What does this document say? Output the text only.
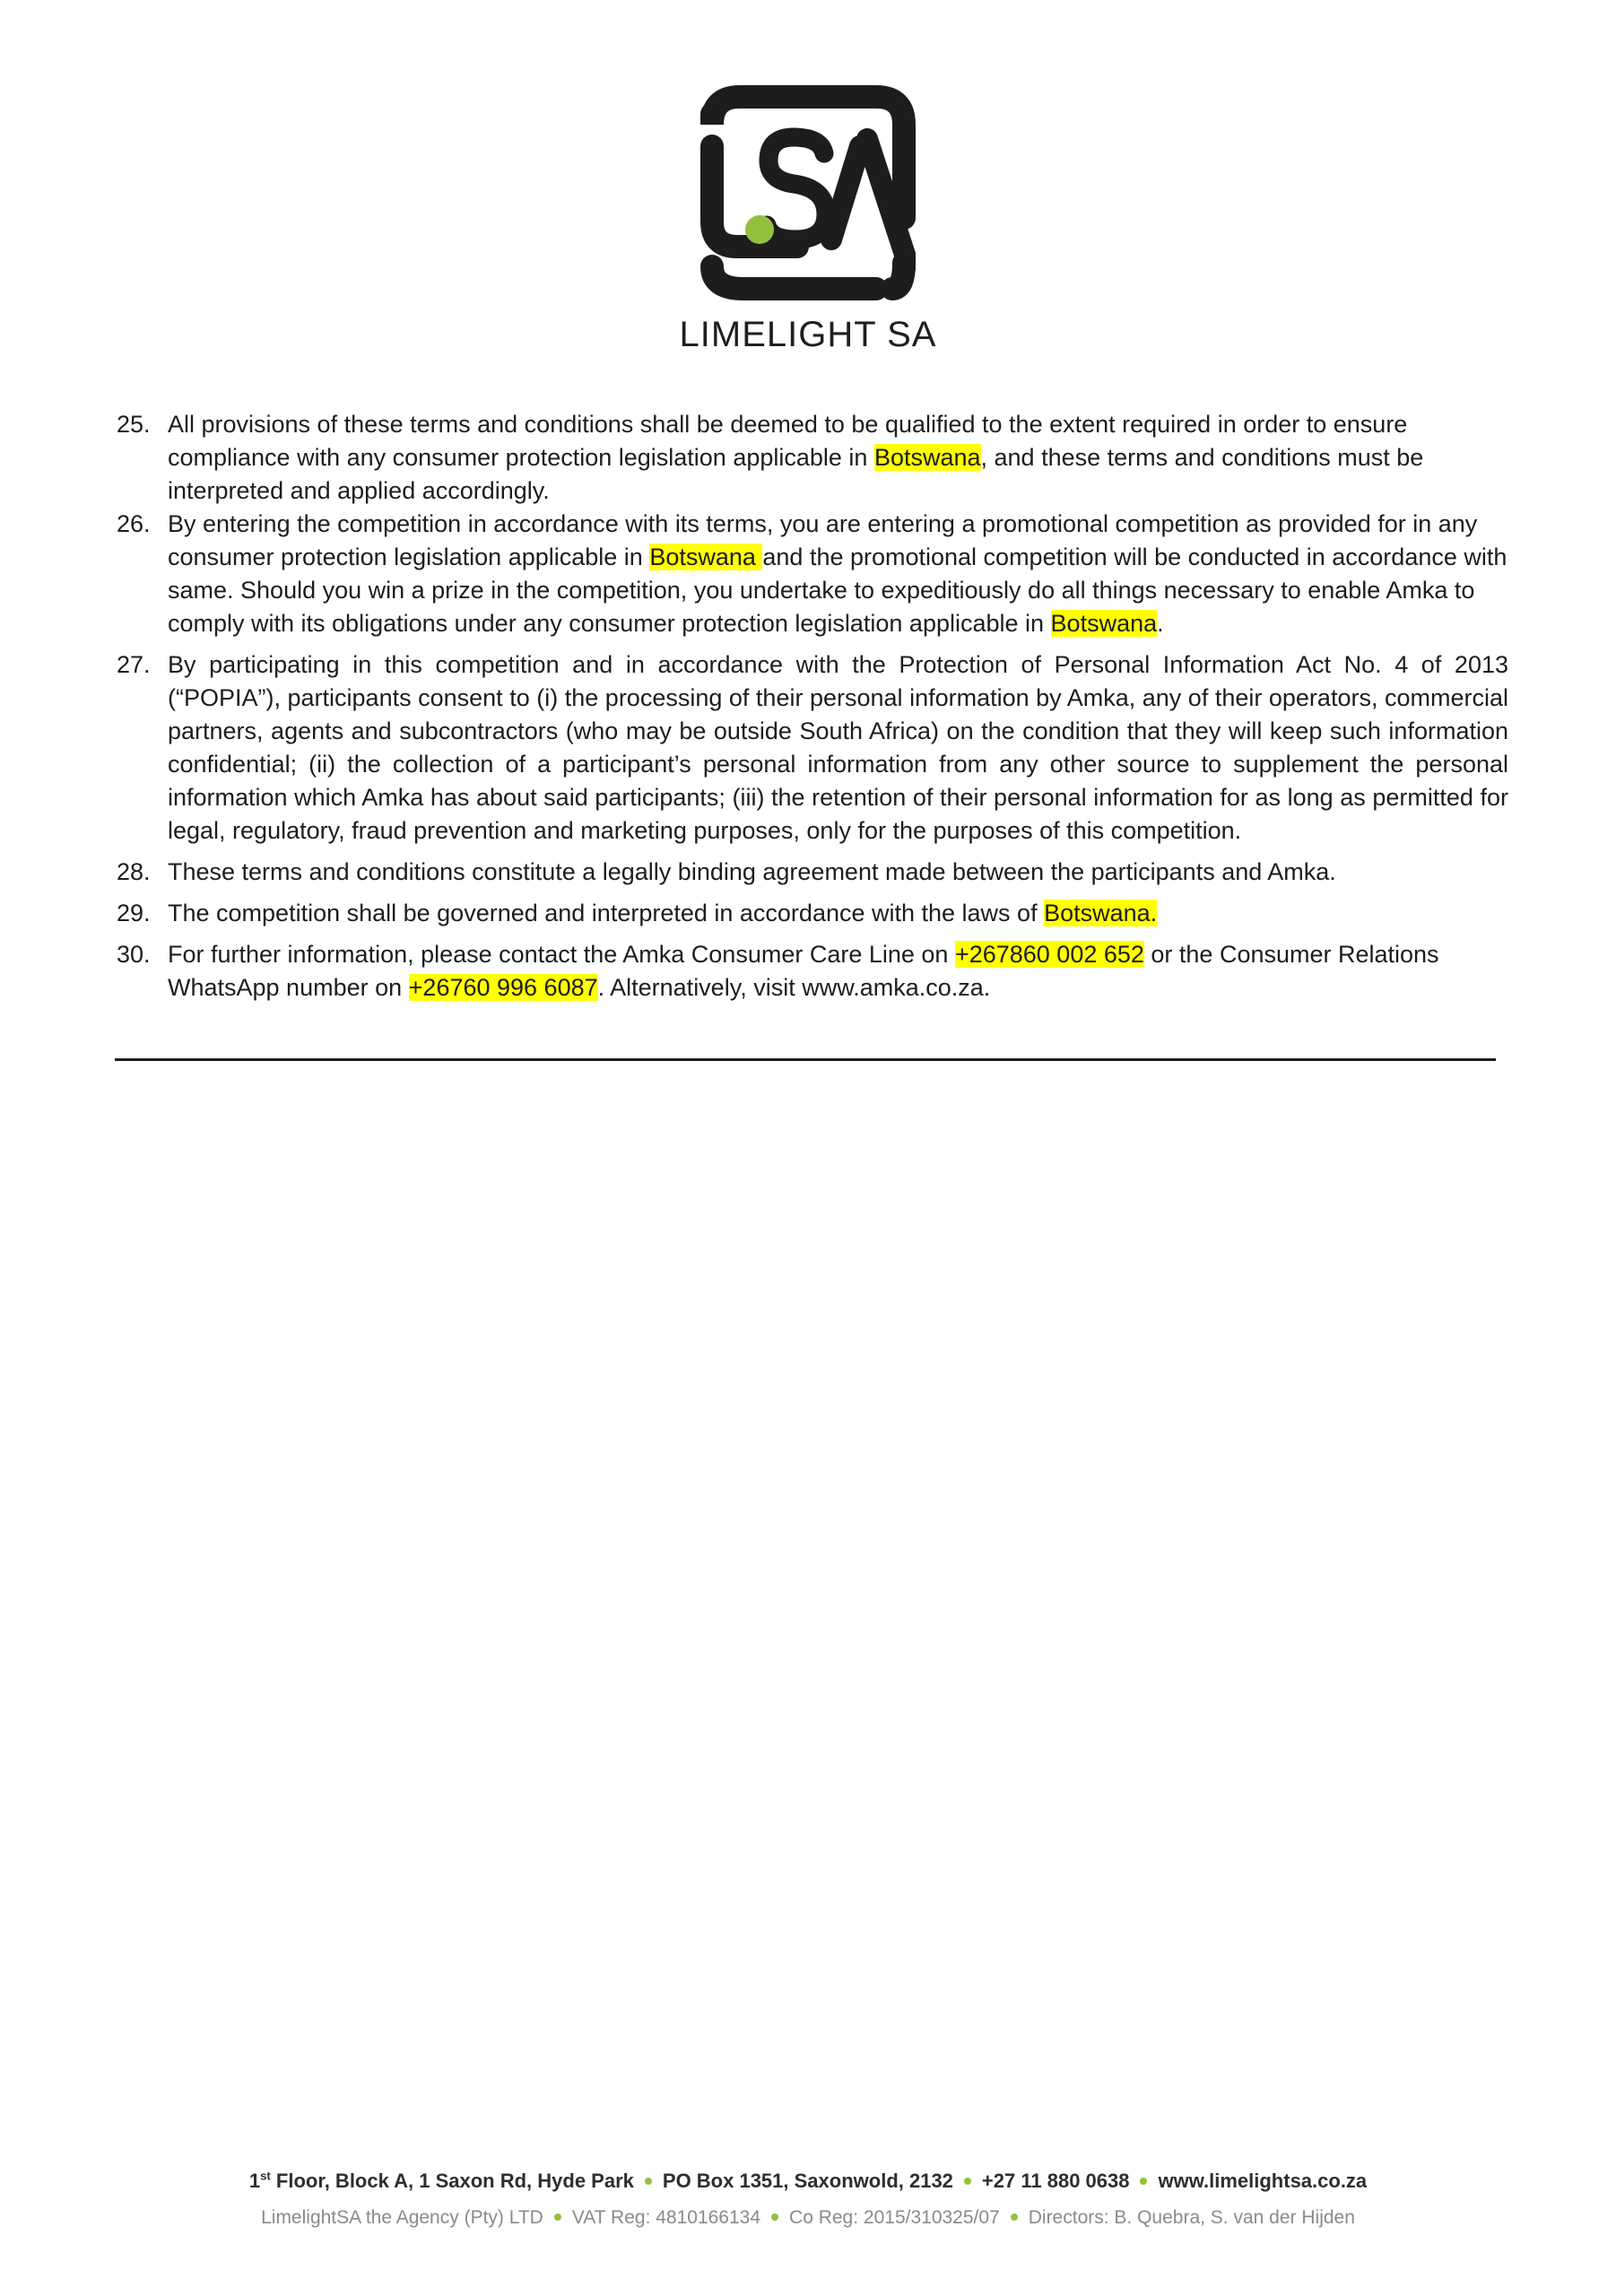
LIMELIGHT SA
25. All provisions of these terms and conditions shall be deemed to be qualified to the extent required in order to ensure compliance with any consumer protection legislation applicable in Botswana, and these terms and conditions must be interpreted and applied accordingly.
26. By entering the competition in accordance with its terms, you are entering a promotional competition as provided for in any consumer protection legislation applicable in Botswana and the promotional competition will be conducted in accordance with same. Should you win a prize in the competition, you undertake to expeditiously do all things necessary to enable Amka to comply with its obligations under any consumer protection legislation applicable in Botswana.
27. By participating in this competition and in accordance with the Protection of Personal Information Act No. 4 of 2013 (“POPIA”), participants consent to (i) the processing of their personal information by Amka, any of their operators, commercial partners, agents and subcontractors (who may be outside South Africa) on the condition that they will keep such information confidential; (ii) the collection of a participant’s personal information from any other source to supplement the personal information which Amka has about said participants; (iii) the retention of their personal information for as long as permitted for legal, regulatory, fraud prevention and marketing purposes, only for the purposes of this competition.
28. These terms and conditions constitute a legally binding agreement made between the participants and Amka.
29. The competition shall be governed and interpreted in accordance with the laws of Botswana.
30. For further information, please contact the Amka Consumer Care Line on +267860 002 652 or the Consumer Relations WhatsApp number on +26760 996 6087. Alternatively, visit www.amka.co.za.
1st Floor, Block A, 1 Saxon Rd, Hyde Park PO Box 1351, Saxonwold, 2132 +27 11 880 0638 www.limelightsa.co.za
LimelightSA the Agency (Pty) LTD VAT Reg: 4810166134 Co Reg: 2015/310325/07 Directors: B. Quebra, S. van der Hijden
